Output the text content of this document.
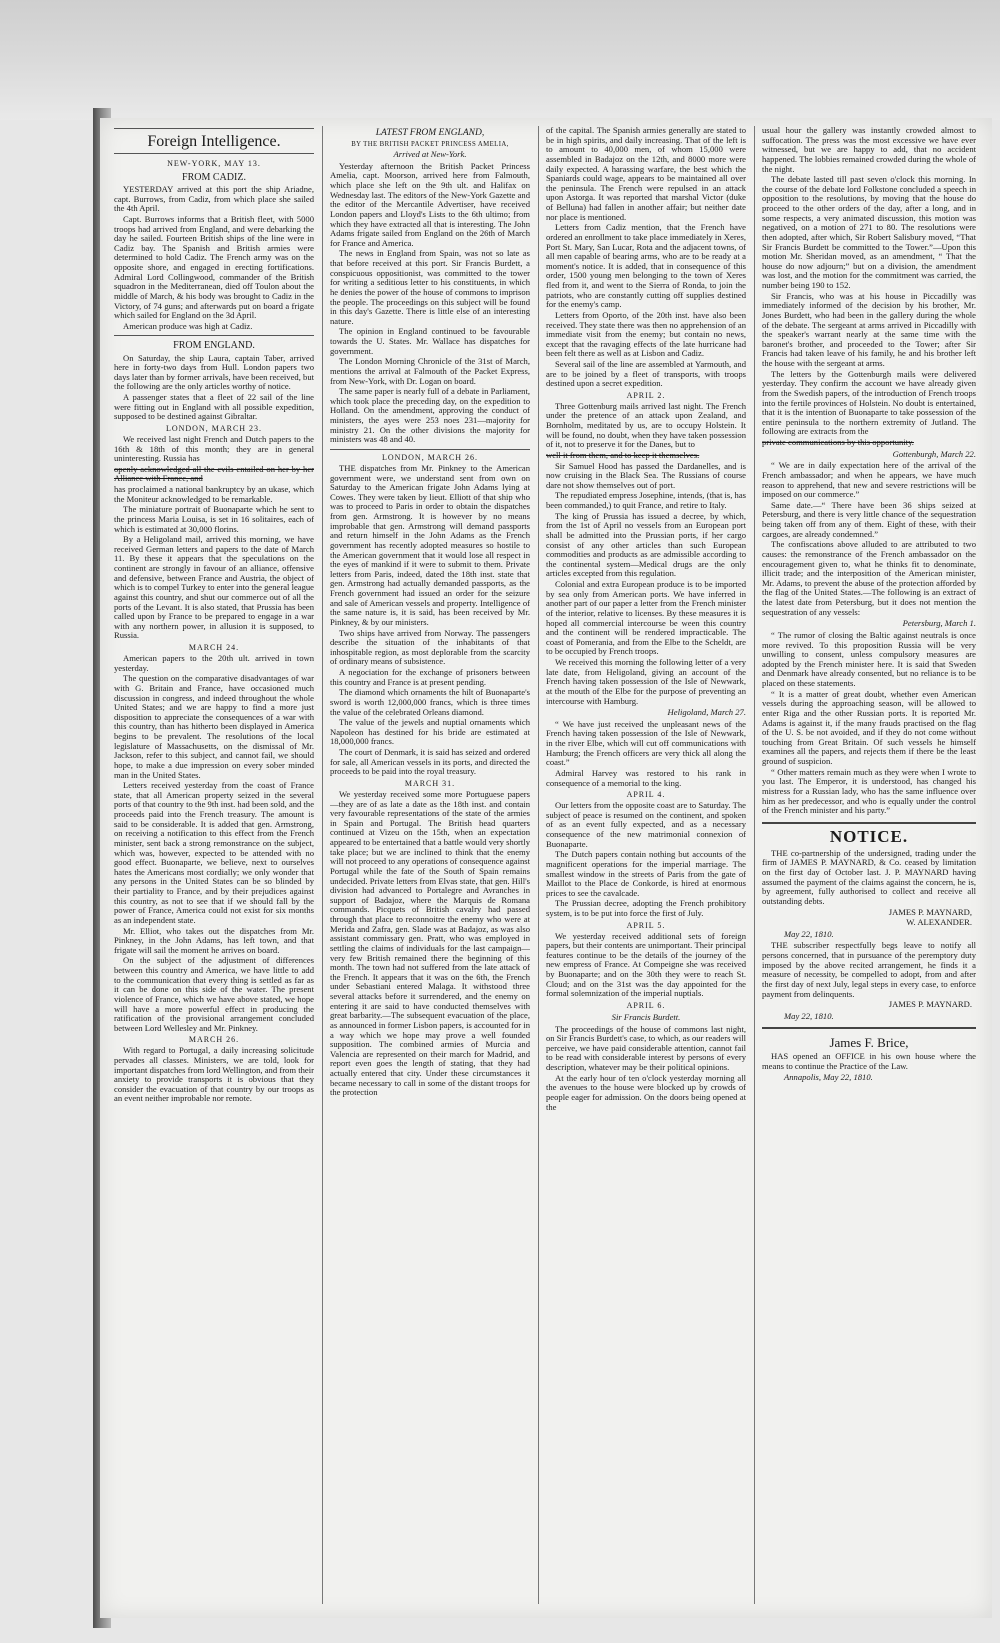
Foreign Intelligence.
NEW-YORK, MAY 13.
FROM CADIZ.

YESTERDAY arrived at this port the ship Ariadne, capt. Burrows, from Cadiz, from which place she sailed the 4th April.

Capt. Burrows informs that a British fleet, with 5000 troops had arrived from England, and were debarking the day he sailed. Fourteen British ships of the line were in Cadiz bay. The Spanish and British armies were determined to hold Cadiz. The French army was on the opposite shore, and engaged in erecting fortifications. Admiral Lord Collingwood, commander of the British squadron in the Mediterranean, died off Toulon about the middle of March, & his body was brought to Cadiz in the Victory, of 74 guns; and afterwards put on board a frigate which sailed for England on the 3d April.

American produce was high at Cadiz.

FROM ENGLAND.

On Saturday, the ship Laura, captain Taber, arrived here in forty-two days from Hull. London papers two days later than by former arrivals, have been received, but the following are the only articles worthy of notice.

A passenger states that a fleet of 22 sail of the line were fitting out in England with all possible expedition, supposed to be destined against Gibraltar.

LONDON, MARCH 23.

We received last night French and Dutch papers to the 16th & 18th of this month; they are in general uninteresting. Russia has

openly acknowledged all the evils entailed on her by her Alliance with France, and

has proclaimed a national bankruptcy by an ukase, which the Moniteur acknowledged to be remarkable.

The miniature portrait of Buonaparte which he sent to the princess Maria Louisa, is set in 16 solitaires, each of which is estimated at 30,000 florins.

By a Heligoland mail, arrived this morning, we have received German letters and papers to the date of March 11. By these it appears that the speculations on the continent are strongly in favour of an alliance, offensive and defensive, between France and Austria, the object of which is to compel Turkey to enter into the general league against this country, and shut our commerce out of all the ports of the Levant. It is also stated, that Prussia has been called upon by France to be prepared to engage in a war with any northern power, in allusion it is supposed, to Russia.

MARCH 24.

American papers to the 20th ult. arrived in town yesterday.

The question on the comparative disadvantages of war with G. Britain and France, have occasioned much discussion in congress, and indeed throughout the whole United States; and we are happy to find a more just disposition to appreciate the consequences of a war with this country, than has hitherto been displayed in America begins to be prevalent. The resolutions of the local legislature of Massachusetts, on the dismissal of Mr. Jackson, refer to this subject, and cannot fail, we should hope, to make a due impression on every sober minded man in the United States.

Letters received yesterday from the coast of France state, that all American property seized in the several ports of that country to the 9th inst. had been sold, and the proceeds paid into the French treasury. The amount is said to be considerable. It is added that gen. Armstrong, on receiving a notification to this effect from the French minister, sent back a strong remonstrance on the subject, which was, however, expected to be attended with no good effect. Buonaparte, we believe, next to ourselves hates the Americans most cordially; we only wonder that any persons in the United States can be so blinded by their partiality to France, and by their prejudices against this country, as not to see that if we should fall by the power of France, America could not exist for six months as an independent state.

Mr. Elliot, who takes out the dispatches from Mr. Pinkney, in the John Adams, has left town, and that frigate will sail the moment he arrives on board.

On the subject of the adjustment of differences between this country and America, we have little to add to the communication that every thing is settled as far as it can be done on this side of the water. The present violence of France, which we have above stated, we hope will have a more powerful effect in producing the ratification of the provisional arrangement concluded between Lord Wellesley and Mr. Pinkney.

MARCH 26.

With regard to Portugal, a daily increasing solicitude pervades all classes. Ministers, we are told, look for important dispatches from lord Wellington, and from their anxiety to provide transports it is obvious that they consider the evacuation of that country by our troops as an event neither improbable nor remote.

LATEST FROM ENGLAND,
BY THE BRITISH PACKET PRINCESS AMELIA,
Arrived at New-York.

Yesterday afternoon the British Packet Princess Amelia, capt. Moorson, arrived here from Falmouth, which place she left on the 9th ult. and Halifax on Wednesday last. The editors of the New-York Gazette and the editor of the Mercantile Advertiser, have received London papers and Lloyd's Lists to the 6th ultimo; from which they have extracted all that is interesting. The John Adams frigate sailed from England on the 26th of March for France and America.

The news in England from Spain, was not so late as that before received at this port. Sir Francis Burdett, a conspicuous oppositionist, was committed to the tower for writing a seditious letter to his constituents, in which he denies the power of the house of commons to imprison the people. The proceedings on this subject will be found in this day's Gazette. There is little else of an interesting nature.

The opinion in England continued to be favourable towards the U. States. Mr. Wallace has dispatches for government.

The London Morning Chronicle of the 31st of March, mentions the arrival at Falmouth of the Packet Express, from New-York, with Dr. Logan on board.

The same paper is nearly full of a debate in Parliament, which took place the preceding day, on the expedition to Holland. On the amendment, approving the conduct of ministers, the ayes were 253 noes 231—majority for ministry 21. On the other divisions the majority for ministers was 48 and 40.

LONDON, MARCH 26.

THE dispatches from Mr. Pinkney to the American government were, we understand sent from own on Saturday to the American frigate John Adams lying at Cowes. They were taken by lieut. Elliott of that ship who was to proceed to Paris in order to obtain the dispatches from gen. Armstrong. It is however by no means improbable that gen. Armstrong will demand passports and return himself in the John Adams as the French government has recently adopted measures so hostile to the American government that it would lose all respect in the eyes of mankind if it were to submit to them. Private letters from Paris, indeed, dated the 18th inst. state that gen. Armstrong had actually demanded passports, as the French government had issued an order for the seizure and sale of American vessels and property. Intelligence of the same nature is, it is said, has been received by Mr. Pinkney, & by our ministers.

Two ships have arrived from Norway. The passengers describe the situation of the inhabitants of that inhospitable region, as most deplorable from the scarcity of ordinary means of subsistence.

A negociation for the exchange of prisoners between this country and France is at present pending.

The diamond which ornaments the hilt of Buonaparte's sword is worth 12,000,000 francs, which is three times the value of the celebrated Orleans diamond.

The value of the jewels and nuptial ornaments which Napoleon has destined for his bride are estimated at 18,000,000 francs.

The court of Denmark, it is said has seized and ordered for sale, all American vessels in its ports, and directed the proceeds to be paid into the royal treasury.

MARCH 31.

We yesterday received some more Portuguese papers—they are of as late a date as the 18th inst. and contain very favourable representations of the state of the armies in Spain and Portugal. The British head quarters continued at Vizeu on the 15th, when an expectation appeared to be entertained that a battle would very shortly take place; but we are inclined to think that the enemy will not proceed to any operations of consequence against Portugal while the fate of the South of Spain remains undecided. Private letters from Elvas state, that gen. Hill's division had advanced to Portalegre and Avranches in support of Badajoz, where the Marquis de Romana commands. Picquets of British cavalry had passed through that place to reconnoitre the enemy who were at Merida and Zafra, gen. Slade was at Badajoz, as was also assistant commissary gen. Pratt, who was employed in settling the claims of individuals for the last campaign—very few British remained there the beginning of this month. The town had not suffered from the late attack of the French. It appears that it was on the 6th, the French under Sebastiani entered Malaga. It withstood three several attacks before it surrendered, and the enemy on entering it are said to have conducted themselves with great barbarity.—The subsequent evacuation of the place, as announced in former Lisbon papers, is accounted for in a way which we hope may prove a well founded supposition. The combined armies of Murcia and Valencia are represented on their march for Madrid, and report even goes the length of stating, that they had actually entered that city. Under these circumstances it became necessary to call in some of the distant troops for the protection

of the capital. The Spanish armies generally are stated to be in high spirits, and daily increasing. That of the left is to amount to 40,000 men, of whom 15,000 were assembled in Badajoz on the 12th, and 8000 more were daily expected. A harassing warfare, the best which the Spaniards could wage, appears to be maintained all over the peninsula. The French were repulsed in an attack upon Astorga. It was reported that marshal Victor (duke of Belluna) had fallen in another affair; but neither date nor place is mentioned.

Letters from Cadiz mention, that the French have ordered an enrollment to take place immediately in Xeres, Port St. Mary, San Lucar, Rota and the adjacent towns, of all men capable of bearing arms, who are to be ready at a moment's notice. It is added, that in consequence of this order, 1500 young men belonging to the town of Xeres fled from it, and went to the Sierra of Ronda, to join the patriots, who are constantly cutting off supplies destined for the enemy's camp.

Letters from Oporto, of the 20th inst. have also been received. They state there was then no apprehension of an immediate visit from the enemy; but contain no news, except that the ravaging effects of the late hurricane had been felt there as well as at Lisbon and Cadiz.

Several sail of the line are assembled at Yarmouth, and are to be joined by a fleet of transports, with troops destined upon a secret expedition.

APRIL 2.

Three Gottenburg mails arrived last night. The French under the pretence of an attack upon Zealand, and Bornholm, meditated by us, are to occupy Holstein. It will be found, no doubt, when they have taken possession of it, not to preserve it for the Danes, but to

well it from them, and to keep it themselves.

Sir Samuel Hood has passed the Dardanelles, and is now cruising in the Black Sea. The Russians of course dare not show themselves out of port.

The repudiated empress Josephine, intends, (that is, has been commanded,) to quit France, and retire to Italy.

The king of Prussia has issued a decree, by which, from the 1st of April no vessels from an European port shall be admitted into the Prussian ports, if her cargo consist of any other articles than such European commodities and products as are admissible according to the continental system—Medical drugs are the only articles excepted from this regulation.

Colonial and extra European produce is to be imported by sea only from American ports. We have inferred in another part of our paper a letter from the French minister of the interior, relative to licenses. By these measures it is hoped all commercial intercourse be ween this country and the continent will be rendered impracticable. The coast of Pomerania, and from the Elbe to the Scheldt, are to be occupied by French troops.

We received this morning the following letter of a very late date, from Heligoland, giving an account of the French having taken possession of the Isle of Newwark, at the mouth of the Elbe for the purpose of preventing an intercourse with Hamburg.

Heligoland, March 27.

“ We have just received the unpleasant news of the French having taken possession of the Isle of Newwark, in the river Elbe, which will cut off communications with Hamburg; the French officers are very thick all along the coast.”

Admiral Harvey was restored to his rank in consequence of a memorial to the king.

APRIL 4.

Our letters from the opposite coast are to Saturday. The subject of peace is resumed on the continent, and spoken of as an event fully expected, and as a necessary consequence of the new matrimonial connexion of Buonaparte.

The Dutch papers contain nothing but accounts of the magnificent operations for the imperial marriage. The smallest window in the streets of Paris from the gate of Maillot to the Place de Conkorde, is hired at enormous prices to see the cavalcade.

The Prussian decree, adopting the French prohibitory system, is to be put into force the first of July.

APRIL 5.

We yesterday received additional sets of foreign papers, but their contents are unimportant. Their principal features continue to be the details of the journey of the new empress of France. At Compeigne she was received by Buonaparte; and on the 30th they were to reach St. Cloud; and on the 31st was the day appointed for the formal solemnization of the imperial nuptials.

APRIL 6.
Sir Francis Burdett.

The proceedings of the house of commons last night, on Sir Francis Burdett's case, to which, as our readers will perceive, we have paid considerable attention, cannot fail to be read with considerable interest by persons of every description, whatever may be their political opinions.

At the early hour of ten o'clock yesterday morning all the avenues to the house were blocked up by crowds of people eager for admission. On the doors being opened at the

usual hour the gallery was instantly crowded almost to suffocation. The press was the most excessive we have ever witnessed, but we are happy to add, that no accident happened. The lobbies remained crowded during the whole of the night.

The debate lasted till past seven o'clock this morning. In the course of the debate lord Folkstone concluded a speech in opposition to the resolutions, by moving that the house do proceed to the other orders of the day, after a long, and in some respects, a very animated discussion, this motion was negatived, on a motion of 271 to 80. The resolutions were then adopted, after which, Sir Robert Salisbury moved, “That Sir Francis Burdett be committed to the Tower.”—Upon this motion Mr. Sheridan moved, as an amendment, “ That the house do now adjourn;” but on a division, the amendment was lost, and the motion for the commitment was carried, the number being 190 to 152.

Sir Francis, who was at his house in Piccadilly was immediately informed of the decision by his brother, Mr. Jones Burdett, who had been in the gallery during the whole of the debate. The sergeant at arms arrived in Piccadilly with the speaker's warrant nearly at the same time with the baronet's brother, and proceeded to the Tower; after Sir Francis had taken leave of his family, he and his brother left the house with the sergeant at arms.

The letters by the Gottenburgh mails were delivered yesterday. They confirm the account we have already given from the Swedish papers, of the introduction of French troops into the fertile provinces of Holstein. No doubt is entertained, that it is the intention of Buonaparte to take possession of the entire peninsula to the northern extremity of Jutland. The following are extracts from the

private communications by this opportunity.

Gottenburgh, March 22.

“ We are in daily expectation here of the arrival of the French ambassador; and when he appears, we have much reason to apprehend, that new and severe restrictions will be imposed on our commerce.”

Same date.—“ There have been 36 ships seized at Petersburg, and there is very little chance of the sequestration being taken off from any of them. Eight of these, with their cargoes, are already condemned.”

The confiscations above alluded to are attributed to two causes: the remonstrance of the French ambassador on the encouragement given to, what he thinks fit to denominate, illicit trade; and the interposition of the American minister, Mr. Adams, to prevent the abuse of the protection afforded by the flag of the United States.—The following is an extract of the latest date from Petersburg, but it does not mention the sequestration of any vessels:

Petersburg, March 1.

“ The rumor of closing the Baltic against neutrals is once more revived. To this proposition Russia will be very unwilling to consent, unless compulsory measures are adopted by the French minister here. It is said that Sweden and Denmark have already consented, but no reliance is to be placed on these statements.

“ It is a matter of great doubt, whether even American vessels during the approaching season, will be allowed to enter Riga and the other Russian ports. It is reported Mr. Adams is against it, if the many frauds practised on the flag of the U. S. be not avoided, and if they do not come without touching from Great Britain. Of such vessels he himself examines all the papers, and rejects them if there be the least ground of suspicion.

“ Other matters remain much as they were when I wrote to you last. The Emperor, it is understood, has changed his mistress for a Russian lady, who has the same influence over him as her predecessor, and who is equally under the control of the French minister and his party.”

NOTICE.

THE co-partnership of the undersigned, trading under the firm of JAMES P. MAYNARD, & Co. ceased by limitation on the first day of October last. J. P. MAYNARD having assumed the payment of the claims against the concern, he is, by agreement, fully authorised to collect and receive all outstanding debts.

JAMES P. MAYNARD,
W. ALEXANDER.
May 22, 1810.

THE subscriber respectfully begs leave to notify all persons concerned, that in pursuance of the peremptory duty imposed by the above recited arrangement, he finds it a measure of necessity, be compelled to adopt, from and after the first day of next July, legal steps in every case, to enforce payment from delinquents.

JAMES P. MAYNARD.
May 22, 1810.
James F. Brice,

HAS opened an OFFICE in his own house where the means to continue the Practice of the Law.

Annapolis, May 22, 1810.
